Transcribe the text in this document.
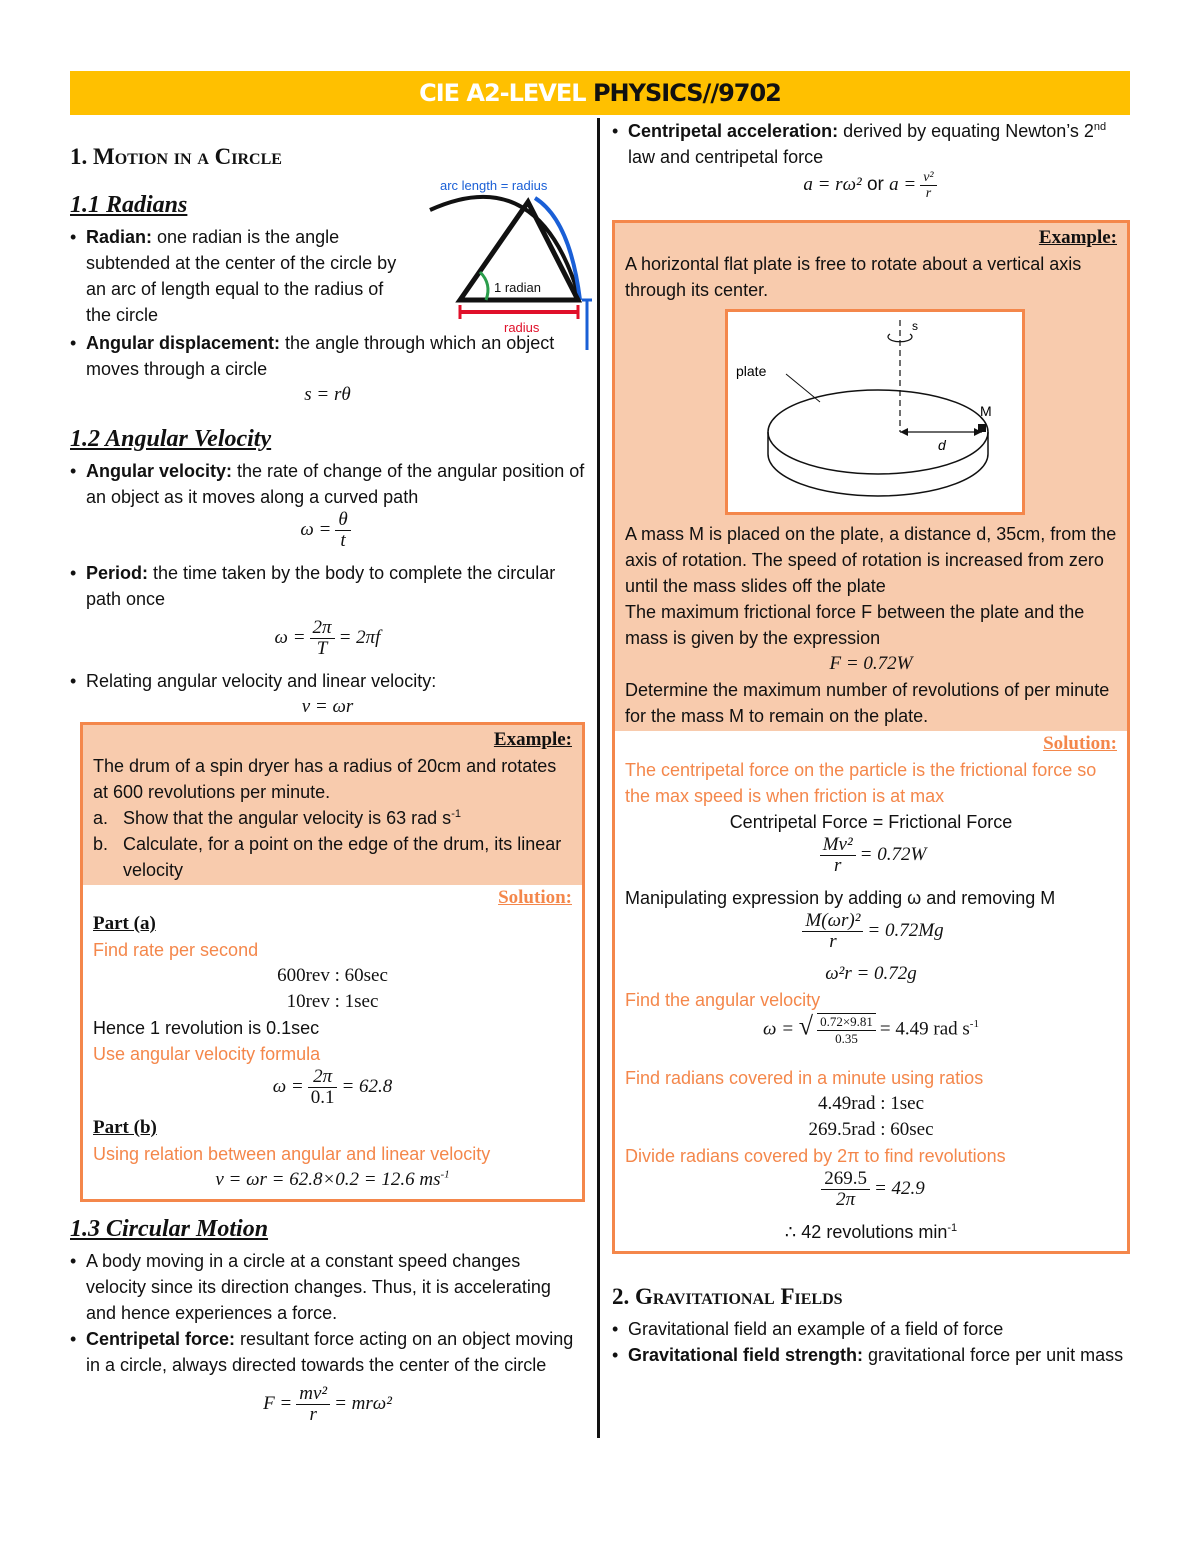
CIE A2-LEVEL PHYSICS//9702
1. Motion in a Circle
arc length = radius
1 radian
radius
1.1 Radians
• Radian: one radian is the angle subtended at the center of the circle by an arc of length equal to the radius of the circle
• Angular displacement: the angle through which an object moves through a circle
s = rθ
1.2 Angular Velocity
• Angular velocity: the rate of change of the angular position of an object as it moves along a curved path
$\omega = \frac{\theta}{t}$
• Period: the time taken by the body to complete the circular path once
$\omega = \frac{2\pi}{T} = 2\pi f$
• Relating angular velocity and linear velocity:
v = ωr
Example:
The drum of a spin dryer has a radius of 20cm and rotates at 600 revolutions per minute.
a. Show that the angular velocity is 63 rad $s^{-1}$
b. Calculate, for a point on the edge of the drum, its linear velocity
Solution:
Part (a)
Find rate per second
600rev : 60sec
10rev : 1sec
Hence 1 revolution is 0.1sec
Use angular velocity formula
$\omega = \frac{2\pi}{0.1} = 62.8$
Part (b)
Using relation between angular and linear velocity
v = ωr = 62.8×0.2 = 12.6 $ms^{-1}$
1.3 Circular Motion
• A body moving in a circle at a constant speed changes velocity since its direction changes. Thus, it is accelerating and hence experiences a force.
• Centripetal force: resultant force acting on an object moving in a circle, always directed towards the center of the circle
$F = \frac{\text{mv²}}{r} = mr\omega^2$
• Centripetal acceleration: derived by equating Newton’s 2nd law and centripetal force
a = rω² or $a = \frac{\text{v²}}{r}$
Example:
A horizontal flat plate is free to rotate about a vertical axis through its center.
plate
s
M
d
A mass M is placed on the plate, a distance d, 35cm, from the axis of rotation. The speed of rotation is increased from zero until the mass slides off the plate
The maximum frictional force F between the plate and the mass is given by the expression
F = 0.72W
Determine the maximum number of revolutions of per minute for the mass M to remain on the plate.
Solution:
The centripetal force on the particle is the frictional force so the max speed is when friction is at max
Centripetal Force = Frictional Force
$\frac{\text{Mv²}}{r} = 0.72W$
Manipulating expression by adding ω and removing M
$\frac{\text{M(ωr)²}}{r} = 0.72Mg$
ω²r = 0.72g
Find the angular velocity
ω = √ $\frac{0.72\times 9.81}{0.35} = 4.49$ rad $s^{-1}$
Find radians covered in a minute using ratios
4.49rad : 1sec
269.5rad : 60sec
Divide radians covered by 2π to find revolutions
$\frac{269.5}{2\pi} = 42.9$
∴ 42 revolutions $\min^{-1}$
2. Gravitational Fields
• Gravitational field an example of a field of force
• Gravitational field strength: gravitational force per unit mass
